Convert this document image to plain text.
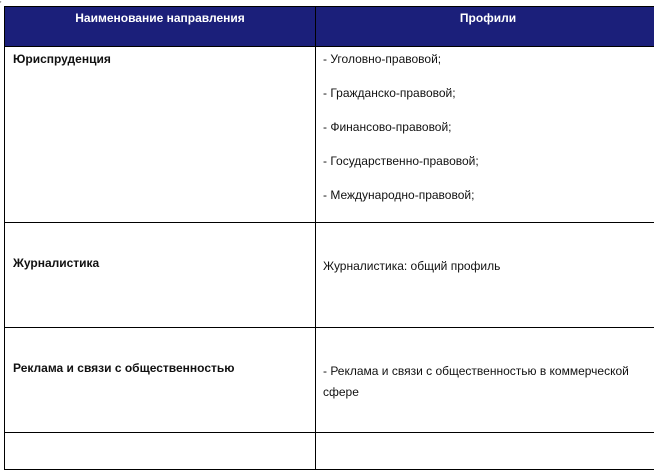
'
Наименование направления	Профили

Юриспруденция	- Уголовно-правовой;

- Гражданско-правовой;

- Финансово-правовой;

- Государственно-правовой;

- Международно-правовой;

Журналистика	Журналистика: общий профиль

Реклама и связи с общественностью	- Реклама и связи с общественностью в коммерческой сфере
